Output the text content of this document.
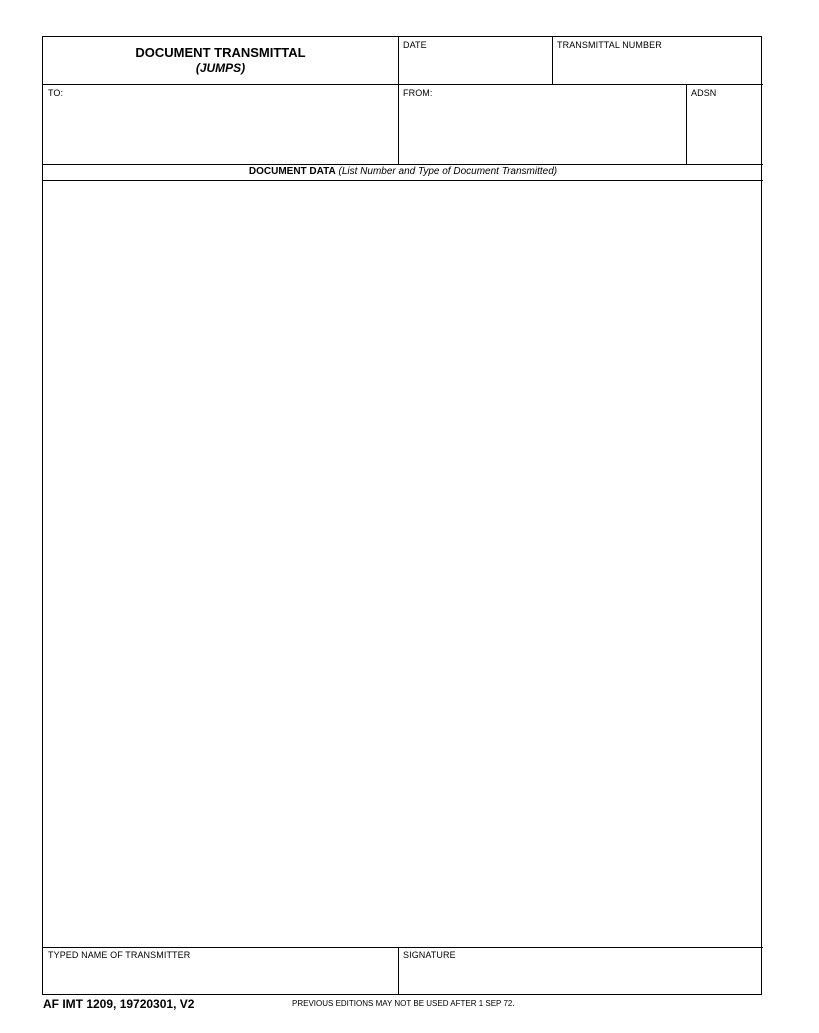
DOCUMENT TRANSMITTAL
(JUMPS)
DATE	TRANSMITTAL NUMBER
TO:	FROM:	ADSN
DOCUMENT DATA (List Number and Type of Document Transmitted)
TYPED NAME OF TRANSMITTER	SIGNATURE
AF IMT 1209, 19720301, V2	PREVIOUS EDITIONS MAY NOT BE USED AFTER 1 SEP 72.
